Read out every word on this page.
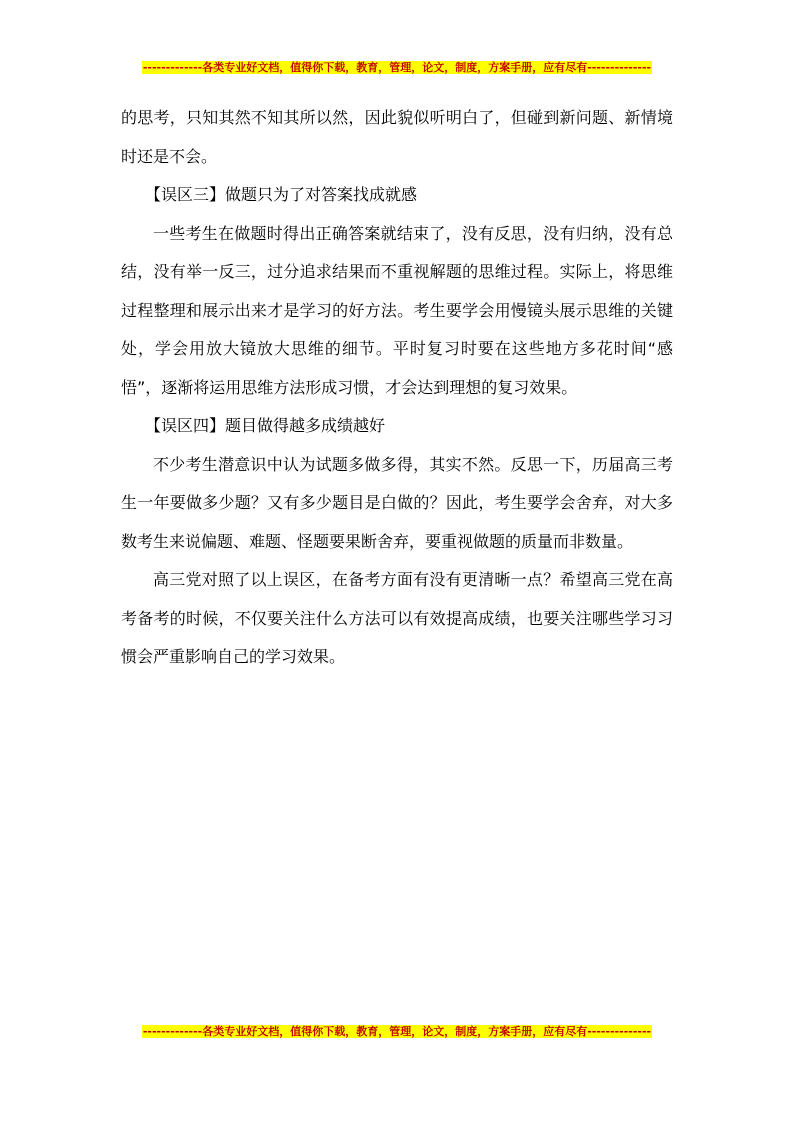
-------------各类专业好文档，值得你下载，教育，管理，论文，制度，方案手册，应有尽有--------------

的思考，只知其然不知其所以然，因此貌似听明白了，但碰到新问题、新情境时还是不会。

【误区三】做题只为了对答案找成就感

一些考生在做题时得出正确答案就结束了，没有反思，没有归纳，没有总结，没有举一反三，过分追求结果而不重视解题的思维过程。实际上，将思维过程整理和展示出来才是学习的好方法。考生要学会用慢镜头展示思维的关键处，学会用放大镜放大思维的细节。平时复习时要在这些地方多花时间“感悟”，逐渐将运用思维方法形成习惯，才会达到理想的复习效果。

【误区四】题目做得越多成绩越好

不少考生潜意识中认为试题多做多得，其实不然。反思一下，历届高三考生一年要做多少题？又有多少题目是白做的？因此，考生要学会舍弃，对大多数考生来说偏题、难题、怪题要果断舍弃，要重视做题的质量而非数量。

高三党对照了以上误区，在备考方面有没有更清晰一点？希望高三党在高考备考的时候，不仅要关注什么方法可以有效提高成绩，也要关注哪些学习习惯会严重影响自己的学习效果。

-------------各类专业好文档，值得你下载，教育，管理，论文，制度，方案手册，应有尽有--------------
